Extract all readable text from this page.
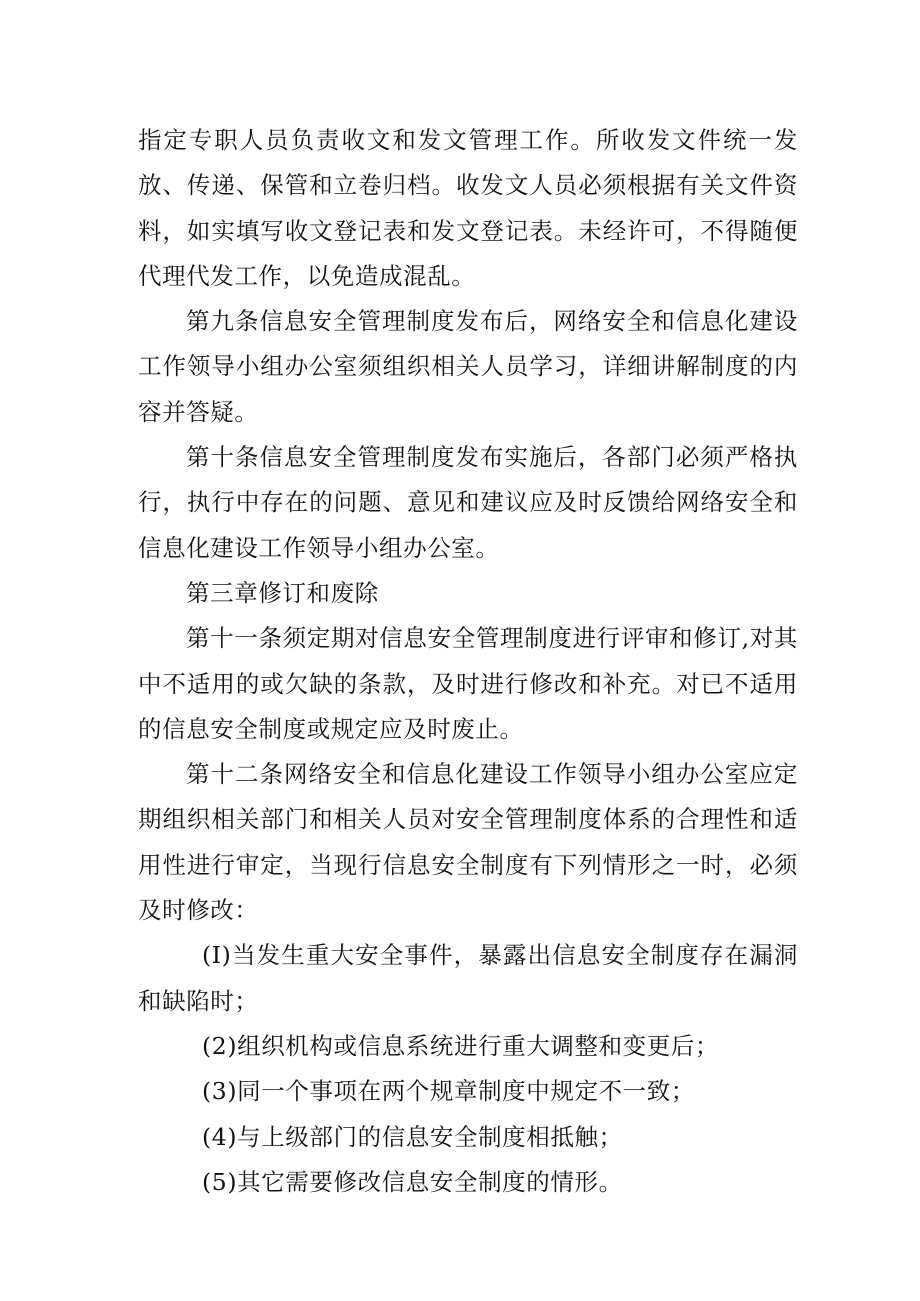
指定专职人员负责收文和发文管理工作。所收发文件统一发放、传递、保管和立卷归档。收发文人员必须根据有关文件资料，如实填写收文登记表和发文登记表。未经许可，不得随便代理代发工作，以免造成混乱。

第九条信息安全管理制度发布后，网络安全和信息化建设工作领导小组办公室须组织相关人员学习，详细讲解制度的内容并答疑。

第十条信息安全管理制度发布实施后，各部门必须严格执行，执行中存在的问题、意见和建议应及时反馈给网络安全和信息化建设工作领导小组办公室。

第三章修订和废除

第十一条须定期对信息安全管理制度进行评审和修订,对其中不适用的或欠缺的条款，及时进行修改和补充。对已不适用的信息安全制度或规定应及时废止。

第十二条网络安全和信息化建设工作领导小组办公室应定期组织相关部门和相关人员对安全管理制度体系的合理性和适用性进行审定，当现行信息安全制度有下列情形之一时，必须及时修改：

(I)当发生重大安全事件，暴露出信息安全制度存在漏洞和缺陷时；

(2)组织机构或信息系统进行重大调整和变更后；

(3)同一个事项在两个规章制度中规定不一致；

(4)与上级部门的信息安全制度相抵触；

(5)其它需要修改信息安全制度的情形。
